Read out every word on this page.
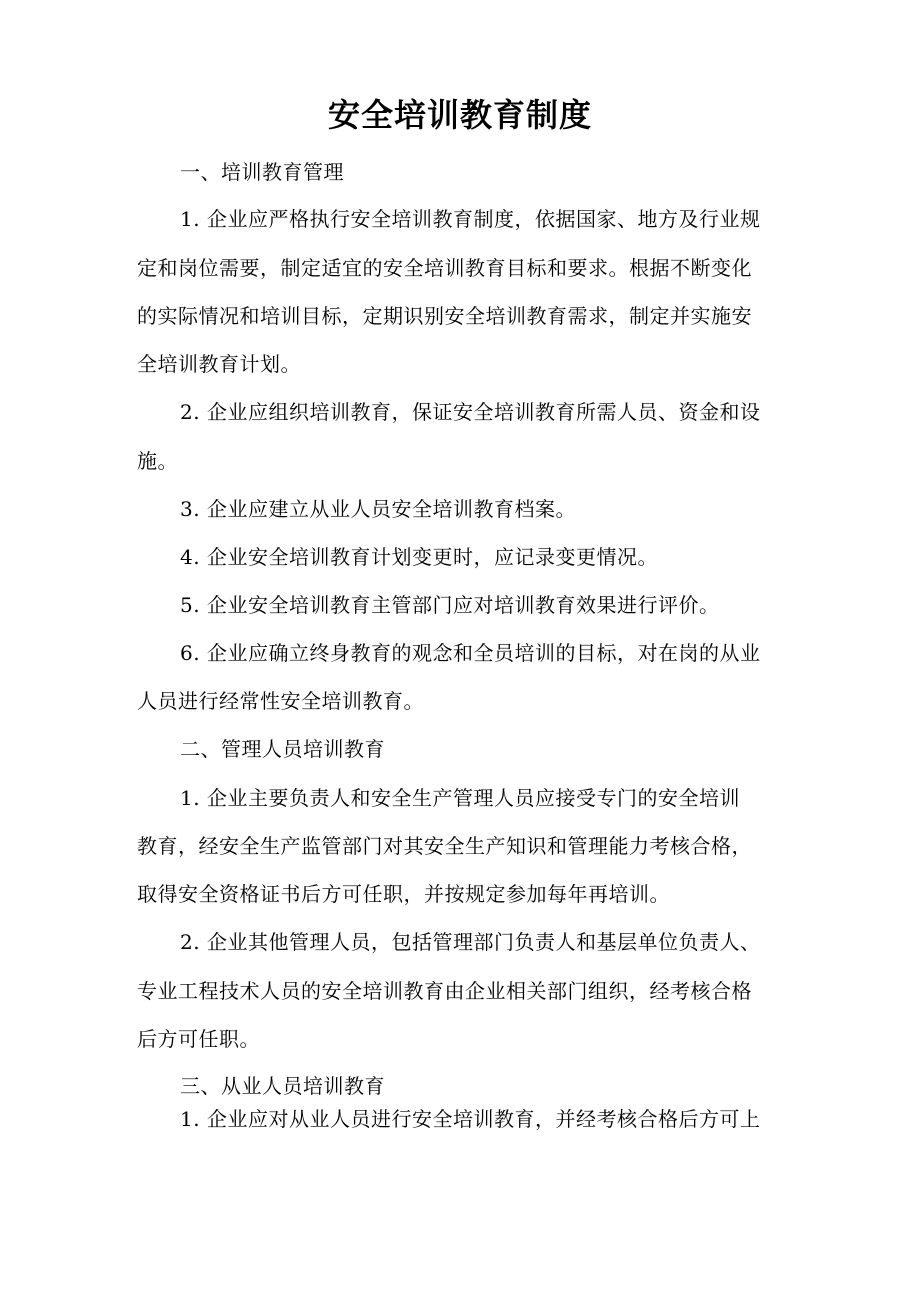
安全培训教育制度
一、培训教育管理
1. 企业应严格执行安全培训教育制度，依据国家、地方及行业规
定和岗位需要，制定适宜的安全培训教育目标和要求。根据不断变化
的实际情况和培训目标，定期识别安全培训教育需求，制定并实施安
全培训教育计划。
2. 企业应组织培训教育，保证安全培训教育所需人员、资金和设
施。
3. 企业应建立从业人员安全培训教育档案。
4. 企业安全培训教育计划变更时，应记录变更情况。
5. 企业安全培训教育主管部门应对培训教育效果进行评价。
6. 企业应确立终身教育的观念和全员培训的目标，对在岗的从业
人员进行经常性安全培训教育。
二、管理人员培训教育
1. 企业主要负责人和安全生产管理人员应接受专门的安全培训
教育，经安全生产监管部门对其安全生产知识和管理能力考核合格，
取得安全资格证书后方可任职，并按规定参加每年再培训。
2. 企业其他管理人员，包括管理部门负责人和基层单位负责人、
专业工程技术人员的安全培训教育由企业相关部门组织，经考核合格
后方可任职。
三、从业人员培训教育
1. 企业应对从业人员进行安全培训教育，并经考核合格后方可上
